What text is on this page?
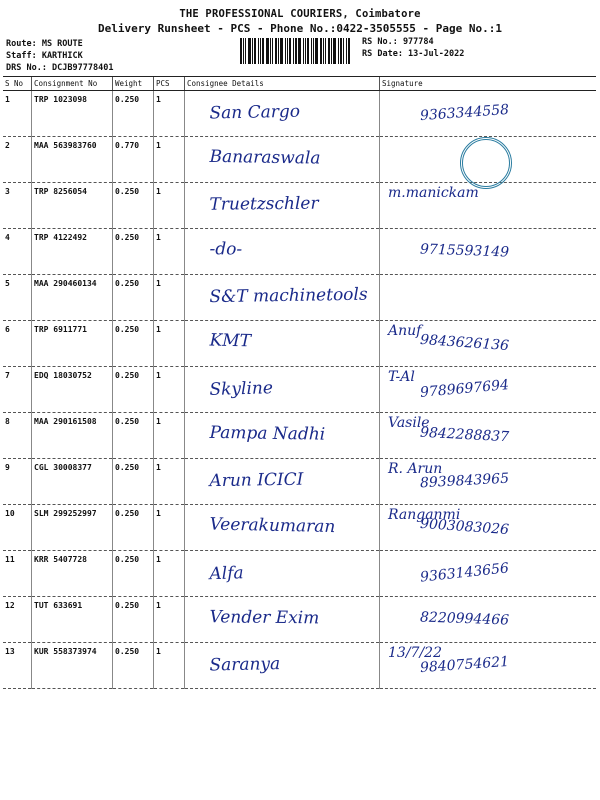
THE PROFESSIONAL COURIERS, Coimbatore
Delivery Runsheet - PCS - Phone No.:0422-3505555 - Page No.:1
Route: MS ROUTE
Staff: KARTHICK
DRS No.: DCJB97778401
RS No.: 977784
RS Date: 13-Jul-2022
S No	Consignment No	Weight	PCS	Consignee Details	Signature
1	TRP 1023098	0.250	1	San Cargo	9363344558

2	MAA 563983760	0.770	1	Banaraswala	

3	TRP 8256054	0.250	1	Truetzschler	m.manickam

4	TRP 4122492	0.250	1	-do-	9715593149

5	MAA 290460134	0.250	1	S&T machinetools	

6	TRP 6911771	0.250	1	KMT	Anuf
9843626136

7	EDQ 18030752	0.250	1	Skyline	T-Al
9789697694

8	MAA 290161508	0.250	1	Pampa Nadhi	Vasile
9842288837

9	CGL 30008377	0.250	1	Arun ICICI	R. Arun
8939843965

10	SLM 299252997	0.250	1	Veerakumaran	Ranganmi
9003083026

11	KRR 5407728	0.250	1	Alfa	9363143656

12	TUT 633691	0.250	1	Vender Exim	8220994466

13	KUR 558373974	0.250	1	Saranya	13/7/22
9840754621
